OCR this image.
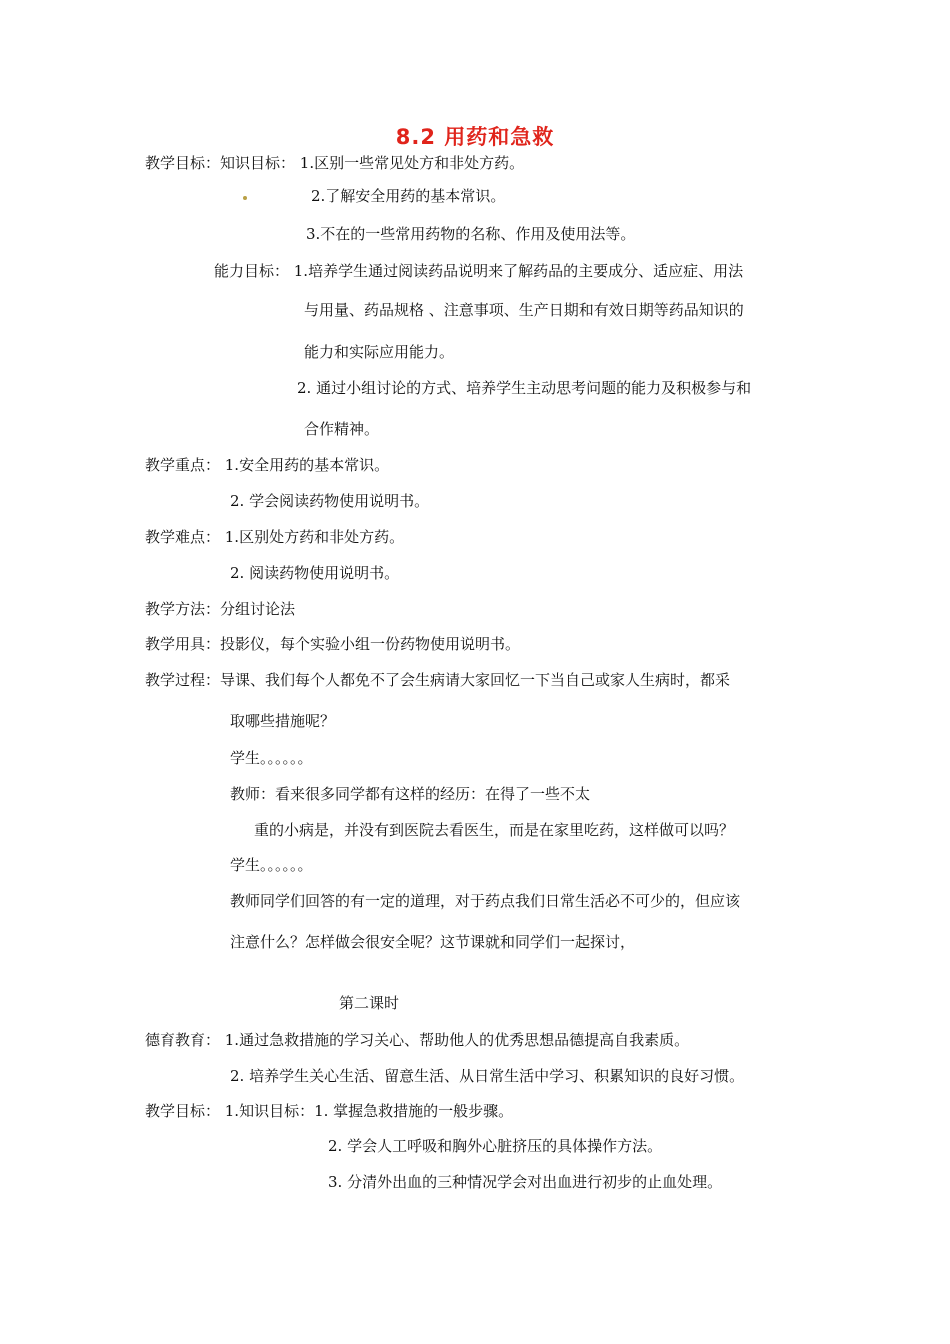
8.2 用药和急救
教学目标：知识目标： 1.区别一些常见处方和非处方药。
2.了解安全用药的基本常识。
3.不在的一些常用药物的名称、作用及使用法等。
能力目标： 1.培养学生通过阅读药品说明来了解药品的主要成分、适应症、用法
与用量、药品规格 、注意事项、生产日期和有效日期等药品知识的
能力和实际应用能力。
2. 通过小组讨论的方式、培养学生主动思考问题的能力及积极参与和
合作精神。
教学重点： 1.安全用药的基本常识。
2. 学会阅读药物使用说明书。
教学难点： 1.区别处方药和非处方药。
2. 阅读药物使用说明书。
教学方法：分组讨论法
教学用具：投影仪，每个实验小组一份药物使用说明书。
教学过程：导课、我们每个人都免不了会生病请大家回忆一下当自己或家人生病时，都采
取哪些措施呢？
学生。。。。。。
教师：看来很多同学都有这样的经历：在得了一些不太
重的小病是，并没有到医院去看医生，而是在家里吃药，这样做可以吗？
学生。。。。。。
教师同学们回答的有一定的道理，对于药点我们日常生活必不可少的，但应该
注意什么？怎样做会很安全呢？这节课就和同学们一起探讨，
第二课时
德育教育： 1.通过急救措施的学习关心、帮助他人的优秀思想品德提高自我素质。
2. 培养学生关心生活、留意生活、从日常生活中学习、积累知识的良好习惯。
教学目标： 1.知识目标：1. 掌握急救措施的一般步骤。
2. 学会人工呼吸和胸外心脏挤压的具体操作方法。
3. 分清外出血的三种情况学会对出血进行初步的止血处理。
